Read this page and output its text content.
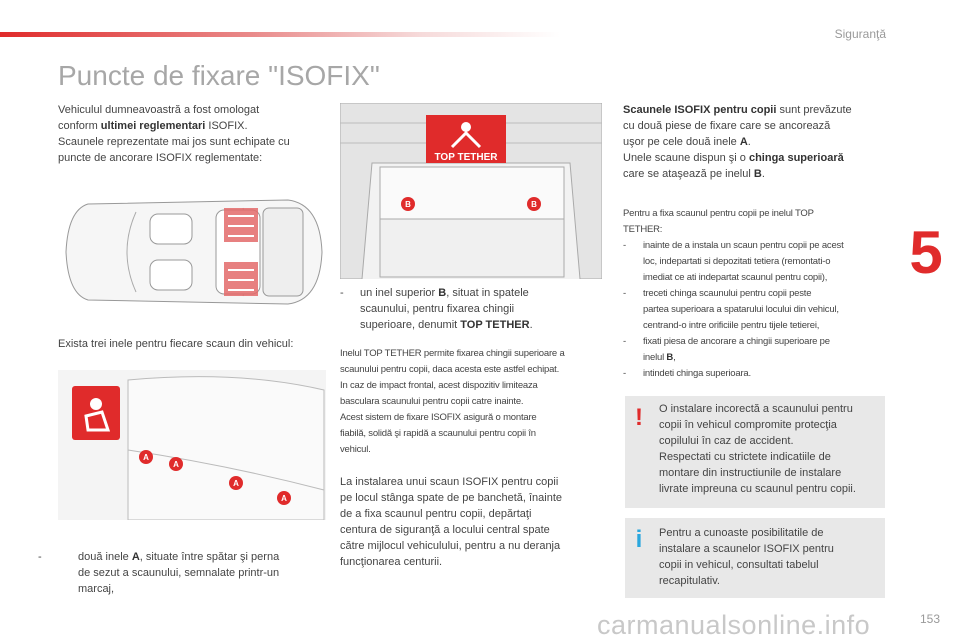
Siguranţă
Puncte de fixare "ISOFIX"
Vehiculul dumneavoastră a fost omologat
conform ultimei reglementari ISOFIX.
Scaunele reprezentate mai jos sunt echipate cu
puncte de ancorare ISOFIX reglementate:
Exista trei inele pentru fiecare scaun din vehicul:
A
A
A
A
-	două inele A, situate între spătar şi perna
de sezut a scaunului, semnalate printr-un
marcaj,
TOP TETHER
B	B
- un inel superior B, situat in spatele
scaunului, pentru fixarea chingii
superioare, denumit TOP TETHER.
Inelul TOP TETHER permite fixarea chingii superioare a
scaunului pentru copii, daca acesta este astfel echipat.
In caz de impact frontal, acest dispozitiv limiteaza
basculara scaunului pentru copii catre inainte.
Acest sistem de fixare ISOFIX asigură o montare
fiabilă, solidă şi rapidă a scaunului pentru copii în
vehicul.
La instalarea unui scaun ISOFIX pentru copii
pe locul stânga spate de pe banchetă, înainte
de a fixa scaunul pentru copii, depărtaţi
centura de siguranţă a locului central spate
către mijlocul vehiculului, pentru a nu deranja
funcţionarea centurii.
Scaunele ISOFIX pentru copii sunt prevăzute
cu două piese de fixare care se ancorează
uşor pe cele două inele A.
Unele scaune dispun şi o chinga superioară
care se ataşează pe inelul B.
Pentru a fixa scaunul pentru copii pe inelul TOP
TETHER:
- inainte de a instala un scaun pentru copii pe acest
loc, indepartati si depozitati tetiera (remontati-o
imediat ce ati indepartat scaunul pentru copii),
- treceti chinga scaunului pentru copii peste
partea superioara a spatarului locului din vehicul,
centrand-o intre orificiile pentru tijele tetierei,
- fixati piesa de ancorare a chingii superioare pe
inelul B,
- intindeti chinga superioara.
!	O instalare incorectă a scaunului pentru
copii în vehicul compromite protecţia
copilului în caz de accident.
Respectati cu strictete indicatiile de
montare din instructiunile de instalare
livrate impreuna cu scaunul pentru copii.
i	Pentru a cunoaste posibilitatile de
instalare a scaunelor ISOFIX pentru
copii in vehicul, consultati tabelul
recapitulativ.
5
carmanualsonline.info	153
